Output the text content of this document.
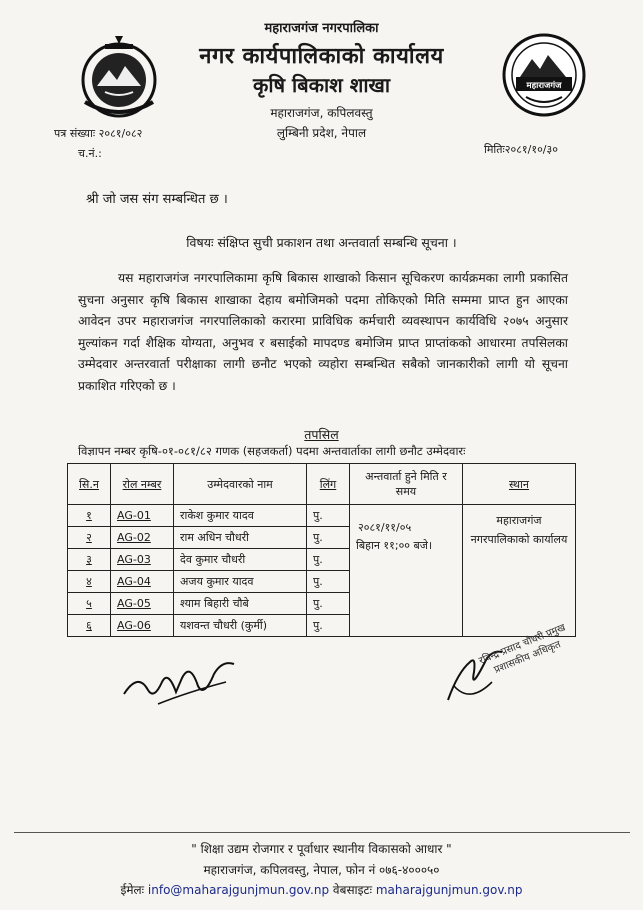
महाराजगंज
महाराजगंज नगरपालिका
नगर कार्यपालिकाको कार्यालय
कृषि बिकाश शाखा
महाराजगंज, कपिलवस्तु
लुम्बिनी प्रदेश, नेपाल
पत्र संख्याः २०८१/०८२
च.नं.:	मितिः२०८१/१०/३०
श्री जो जस संग सम्बन्धित छ ।
विषयः संक्षिप्त सुची प्रकाशन तथा अन्तवार्ता सम्बन्धि सूचना ।
यस महाराजगंज नगरपालिकामा कृषि बिकास शाखाको किसान सूचिकरण कार्यक्रमका लागी प्रकासित सुचना अनुसार कृषि बिकास शाखाका देहाय बमोजिमको पदमा तोकिएको मिति सम्ममा प्राप्त हुन आएका आवेदन उपर महाराजगंज नगरपालिकाको करारमा प्राविधिक कर्मचारी व्यवस्थापन कार्यविधि २०७५ अनुसार मुल्यांकन गर्दा शैक्षिक योग्यता, अनुभव र बसाईको मापदण्ड बमोजिम प्राप्त प्राप्तांकको आधारमा तपसिलका उम्मेदवार अन्तरवार्ता परीक्षाका लागी छनौट भएको व्यहोरा सम्बन्धित सबैको जानकारीको लागी यो सूचना प्रकाशित गरिएको छ ।
तपसिल
विज्ञापन नम्बर कृषि-०१-०८१/८२ गणक (सहजकर्ता) पदमा अन्तवार्ताका लागी छनौट उम्मेदवारः
सि.न	रोल नम्बर	उम्मेदवारको नाम	लिंग	अन्तवार्ता हुने मिति र समय	स्थान
१	AG-01	राकेश कुमार यादव	पु.	२०८१/११/०५
बिहान ११;०० बजे।	महाराजगंज नगरपालिकाको कार्यालय
२	AG-02	राम अधिन चौधरी	पु.		
३	AG-03	देव कुमार चौधरी	पु.		
४	AG-04	अजय कुमार यादव	पु.		
५	AG-05	श्याम बिहारी चौबे	पु.		
६	AG-06	यशवन्त चौधरी (कुर्मी)	पु.			रविन्द्र प्रसाद चौधरी प्रमुख प्रशासकीय अधिकृत
" शिक्षा उद्यम रोजगार र पूर्वाधार स्थानीय विकासको आधार "
महाराजगंज, कपिलवस्तु, नेपाल, फोन नं ०७६-४०००५०
ईमेलः info@maharajgunjmun.gov.np वेबसाइटः maharajgunjmun.gov.np
